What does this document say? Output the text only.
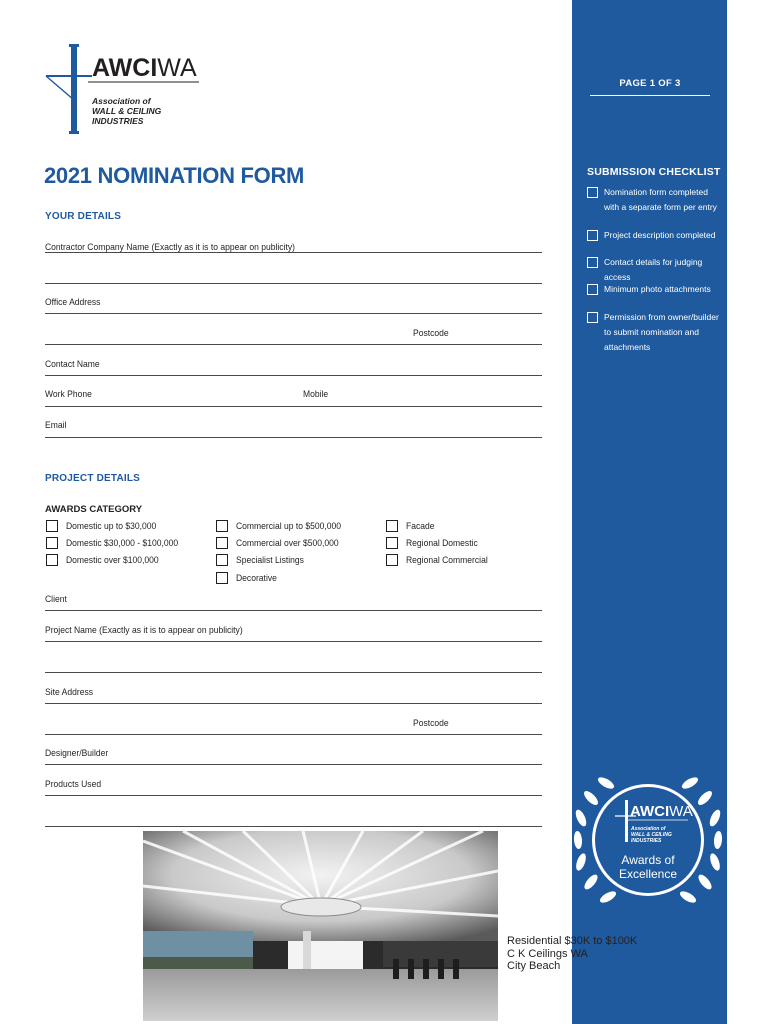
AWCIWA
Association of
WALL & CEILING
INDUSTRIES
2021 NOMINATION FORM
YOUR DETAILS
Contractor Company Name (Exactly as it is to appear on publicity)
Office Address
Postcode
Contact Name
Work Phone	Mobile
Email
PROJECT DETAILS
AWARDS CATEGORY
Domestic up to $30,000
Domestic $30,000 - $100,000
Domestic over $100,000
Commercial up to $500,000
Commercial over $500,000
Specialist Listings
Decorative
Facade
Regional Domestic
Regional Commercial
Client
Project Name (Exactly as it is to appear on publicity)
Site Address
Postcode
Designer/Builder
Products Used
PAGE 1 OF 3
SUBMISSION CHECKLIST
Nomination form completed with a separate form per entry
Project description completed
Contact details for judging access
Minimum photo attachments
Permission from owner/builder to submit nomination and attachments
AWCIWA
Association of
WALL & CEILING
INDUSTRIES
Awards of
Excellence
Residential $30K to $100K
C K Ceilings WA
City Beach
